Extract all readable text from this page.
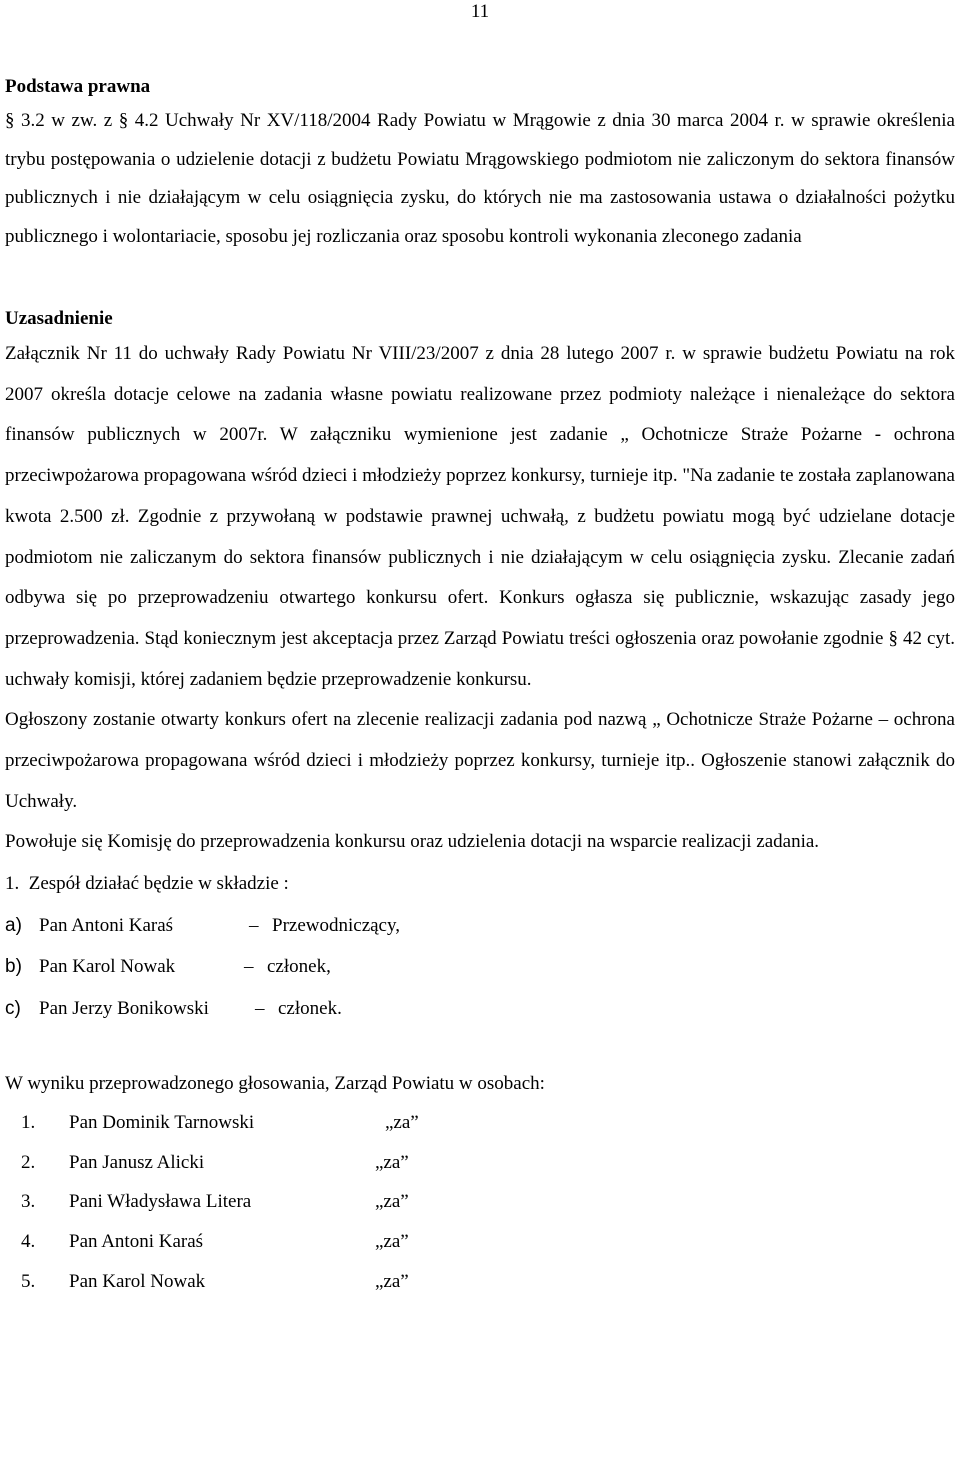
11
Podstawa prawna
§ 3.2 w zw. z § 4.2 Uchwały Nr XV/118/2004 Rady Powiatu w Mrągowie z dnia 30 marca 2004 r. w sprawie określenia trybu postępowania o udzielenie dotacji z budżetu Powiatu Mrągowskiego podmiotom nie zaliczonym do sektora finansów publicznych i nie działającym w celu osiągnięcia zysku, do których nie ma zastosowania ustawa o działalności pożytku publicznego i wolontariacie, sposobu jej rozliczania oraz sposobu kontroli wykonania zleconego zadania
Uzasadnienie
Załącznik Nr 11 do uchwały Rady Powiatu Nr VIII/23/2007 z dnia 28 lutego 2007 r. w sprawie budżetu Powiatu na rok 2007 określa dotacje celowe na zadania własne powiatu realizowane przez podmioty należące i nienależące do sektora finansów publicznych w 2007r. W załączniku wymienione jest zadanie „ Ochotnicze Straże Pożarne - ochrona przeciwpożarowa propagowana wśród dzieci i młodzieży poprzez konkursy, turnieje itp. "Na zadanie te została zaplanowana kwota 2.500 zł. Zgodnie z przywołaną w podstawie prawnej uchwałą, z budżetu powiatu mogą być udzielane dotacje podmiotom nie zaliczanym do sektora finansów publicznych i nie działającym w celu osiągnięcia zysku. Zlecanie zadań odbywa się po przeprowadzeniu otwartego konkursu ofert. Konkurs ogłasza się publicznie, wskazując zasady jego przeprowadzenia. Stąd koniecznym jest akceptacja przez Zarząd Powiatu treści ogłoszenia oraz powołanie zgodnie § 42 cyt. uchwały komisji, której zadaniem będzie przeprowadzenie konkursu.
Ogłoszony zostanie otwarty konkurs ofert na zlecenie realizacji zadania pod nazwą „ Ochotnicze Straże Pożarne – ochrona przeciwpożarowa propagowana wśród dzieci i młodzieży poprzez konkursy, turnieje itp.. Ogłoszenie stanowi załącznik do Uchwały.
Powołuje się Komisję do przeprowadzenia konkursu oraz udzielenia dotacji na wsparcie realizacji zadania.
1.  Zespół działać będzie w składzie :
a) Pan Antoni Karaś	– Przewodniczący,
b) Pan Karol Nowak	– członek,
c) Pan Jerzy Bonikowski – członek.
W wyniku przeprowadzonego głosowania, Zarząd Powiatu w osobach:
1. Pan Dominik Tarnowski	„za”
2. Pan Janusz Alicki	„za”
3. Pani Władysława Litera	„za”
4. Pan Antoni Karaś	„za”
5. Pan Karol Nowak	„za”
